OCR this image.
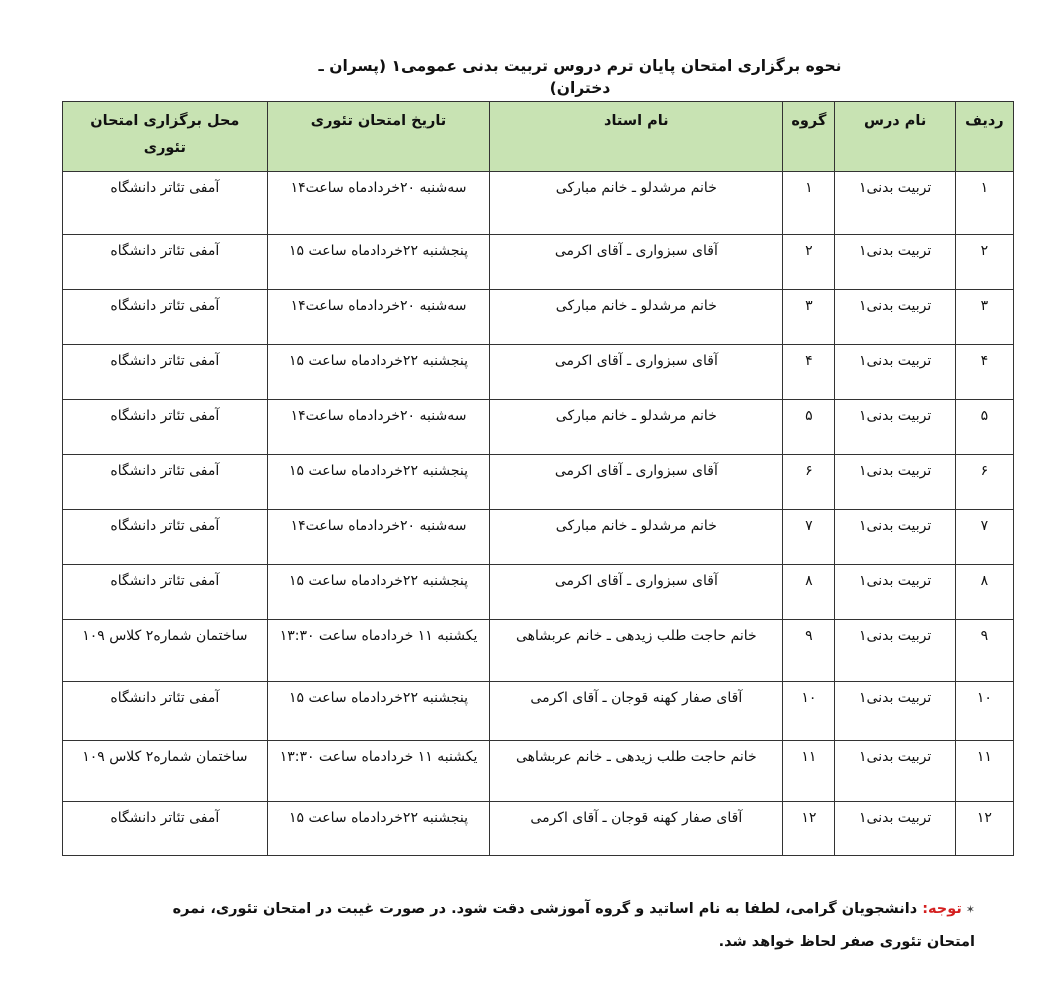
نحوه برگزاری امتحان پایان ترم دروس تربیت بدنی عمومی۱ (پسران ـ دختران)
ردیف	نام درس	گروه	نام استاد	تاریخ امتحان تئوری	محل برگزاری امتحان تئوری
۱	تربیت بدنی۱	۱	خانم مرشدلو ـ خانم مبارکی	سه‌شنبه ۲۰خردادماه ساعت۱۴	آمفی تئاتر دانشگاه
۲	تربیت بدنی۱	۲	آقای سبزواری ـ آقای اکرمی	پنجشنبه ۲۲خردادماه ساعت ۱۵	آمفی تئاتر دانشگاه
۳	تربیت بدنی۱	۳	خانم مرشدلو ـ خانم مبارکی	سه‌شنبه ۲۰خردادماه ساعت۱۴	آمفی تئاتر دانشگاه
۴	تربیت بدنی۱	۴	آقای سبزواری ـ آقای اکرمی	پنجشنبه ۲۲خردادماه ساعت ۱۵	آمفی تئاتر دانشگاه
۵	تربیت بدنی۱	۵	خانم مرشدلو ـ خانم مبارکی	سه‌شنبه ۲۰خردادماه ساعت۱۴	آمفی تئاتر دانشگاه
۶	تربیت بدنی۱	۶	آقای سبزواری ـ آقای اکرمی	پنجشنبه ۲۲خردادماه ساعت ۱۵	آمفی تئاتر دانشگاه
۷	تربیت بدنی۱	۷	خانم مرشدلو ـ خانم مبارکی	سه‌شنبه ۲۰خردادماه ساعت۱۴	آمفی تئاتر دانشگاه
۸	تربیت بدنی۱	۸	آقای سبزواری ـ آقای اکرمی	پنجشنبه ۲۲خردادماه ساعت ۱۵	آمفی تئاتر دانشگاه
۹	تربیت بدنی۱	۹	خانم حاجت طلب زیدهی ـ خانم عربشاهی	یکشنبه ۱۱ خردادماه ساعت ۱۳:۳۰	ساختمان شماره۲ کلاس ۱۰۹
۱۰	تربیت بدنی۱	۱۰	آقای صفار کهنه قوجان ـ آقای اکرمی	پنجشنبه ۲۲خردادماه ساعت ۱۵	آمفی تئاتر دانشگاه
۱۱	تربیت بدنی۱	۱۱	خانم حاجت طلب زیدهی ـ خانم عربشاهی	یکشنبه ۱۱ خردادماه ساعت ۱۳:۳۰	ساختمان شماره۲ کلاس ۱۰۹
۱۲	تربیت بدنی۱	۱۲	آقای صفار کهنه قوجان ـ آقای اکرمی	پنجشنبه ۲۲خردادماه ساعت ۱۵	آمفی تئاتر دانشگاه
✶توجه: دانشجویان گرامی، لطفا به نام اساتید و گروه آموزشی دقت شود. در صورت غیبت در امتحان تئوری، نمره امتحان تئوری صفر لحاظ خواهد شد.
